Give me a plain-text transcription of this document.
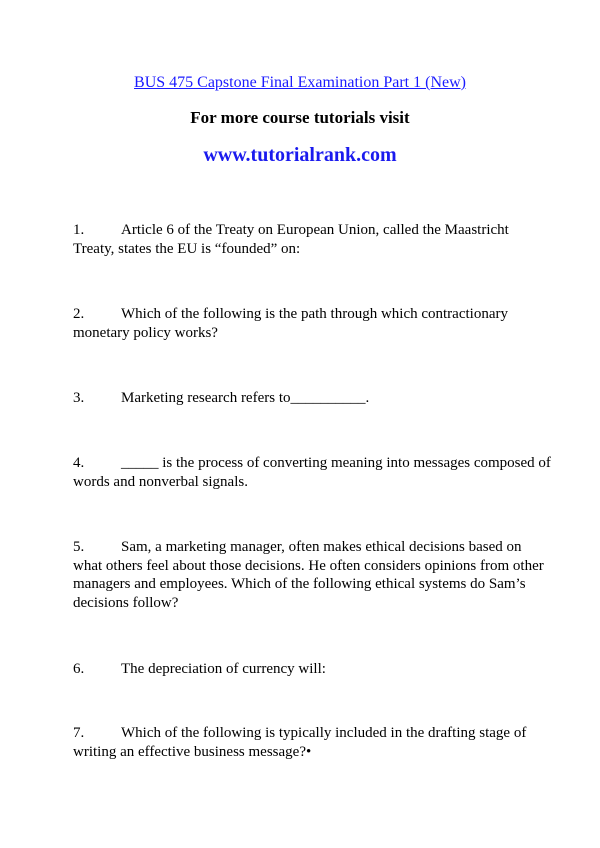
BUS 475 Capstone Final Examination Part 1 (New)
For more course tutorials visit
www.tutorialrank.com
1. Article 6 of the Treaty on European Union, called the Maastricht Treaty, states the EU is “founded” on:
2. Which of the following is the path through which contractionary monetary policy works?
3. Marketing research refers to__________.
4. _____ is the process of converting meaning into messages composed of words and nonverbal signals.
5. Sam, a marketing manager, often makes ethical decisions based on what others feel about those decisions. He often considers opinions from other managers and employees. Which of the following ethical systems do Sam’s decisions follow?
6. The depreciation of currency will:
7. Which of the following is typically included in the drafting stage of writing an effective business message?•
